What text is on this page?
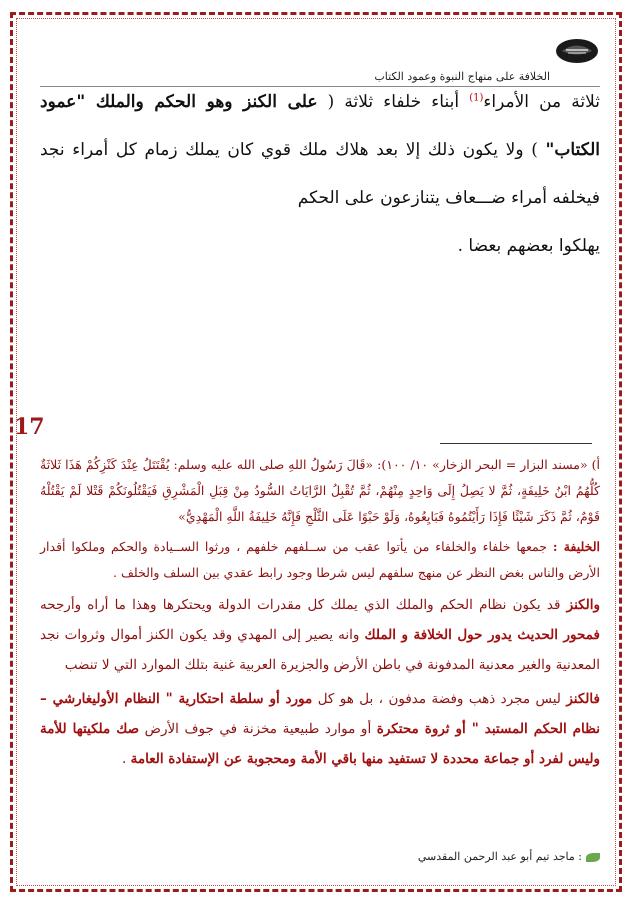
الخلافة على منهاج النبوة وعمود الكتاب

ثلاثة من الأمراء$^{(1)}$ أبناء خلفاء ثلاثة ( على الكنز وهو الحكم والملك "عمود الكتاب" ) ولا يكون ذلك إلا بعد هلاك ملك قوي كان يملك زمام كل أمراء نجد فيخلفه أمراء ضـــعاف يتنازعون على الحكم

يهلكوا بعضهم بعضا .

17

أ) «مسند البزار = البحر الزخار» ١٠/ ١٠٠): «قَالَ رَسُولُ اللهِ صلى الله عليه وسلم: يُقْتَتَلُ عِنْدَ كَنْزِكُمْ هَذَا ثَلاثَةٌ كُلُّهُمُ ابْنُ خَلِيفَةٍ، ثُمَّ لا يَصِلُ إِلَى وَاحِدٍ مِنْهُمْ، ثُمَّ تُقْبِلُ الرَّايَاتُ السُّودُ مِنْ قِبَلِ الْمَشْرِقِ فَيَقْتُلُونَكُمْ قَتْلا لَمْ يَقْتُلْهُ قَوْمٌ، ثُمَّ ذَكَرَ شَيْئًا فَإِذَا رَأَيْتُمُوهُ فَبَايِعُوهُ، وَلَوْ حَبْوًا عَلَى الثَّلْجِ فَإِنَّهُ خَلِيفَةُ اللَّهِ الْمَهْدِيُّ»

الخليفة : جمعها خلفاء والخلفاء من يأتوا عقب من ســلفهم خلفهم ، ورثوا الســيادة والحكم وملكوا أقدار الأرض والناس بغض النظر عن منهج سلفهم ليس شرطا وجود رابط عقدي بين السلف والخلف .

والكنز قد يكون نظام الحكم والملك الذي يملك كل مقدرات الدولة ويحتكرها وهذا ما أراه وأرجحه فمحور الحديث يدور حول الخلافة و الملك وانه يصير إلى المهدي وقد يكون الكنز أموال وثروات نجد المعدنية والغير معدنية المدفونة في باطن الأرض والجزيرة العربية غنية بتلك الموارد التي لا تنضب

فالكنز ليس مجرد ذهب وفضة مدفون ، بل هو كل مورد أو سلطة احتكارية " النظام الأوليغارشي – نظام الحكم المستبد " أو ثروة محتكرة أو موارد طبيعية مخزنة في جوف الأرض صك ملكيتها للأمة وليس لفرد أو جماعة محددة لا تستفيد منها باقي الأمة ومحجوبة عن الإستفادة العامة .

: ماجد تيم أبو عبد الرحمن المقدسي
